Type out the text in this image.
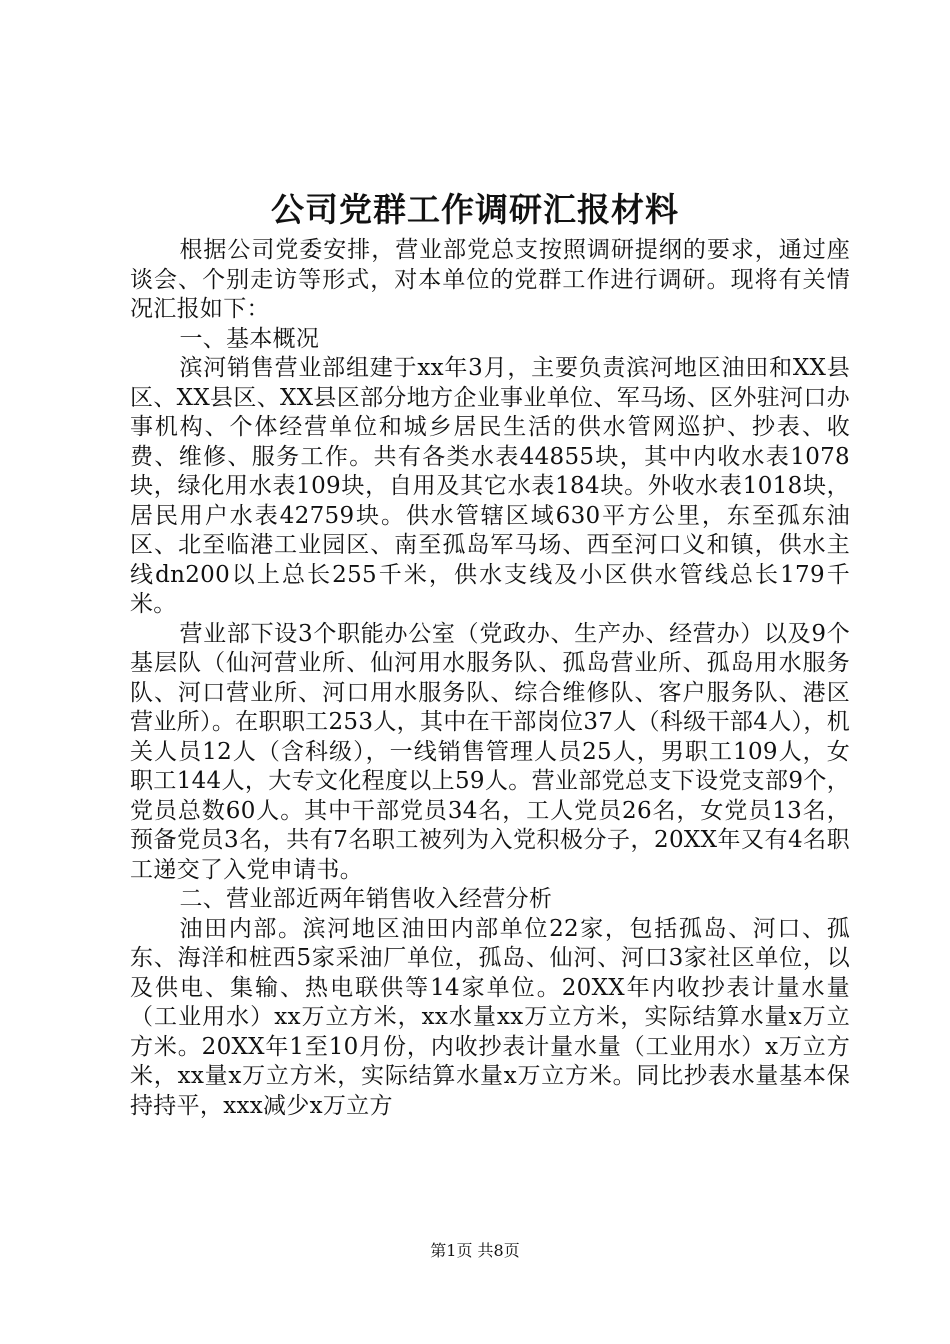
公司党群工作调研汇报材料

根据公司党委安排，营业部党总支按照调研提纲的要求，通过座谈会、个别走访等形式，对本单位的党群工作进行调研。现将有关情况汇报如下：

一、基本概况

滨河销售营业部组建于xx年3月，主要负责滨河地区油田和XX县区、XX县区、XX县区部分地方企业事业单位、军马场、区外驻河口办事机构、个体经营单位和城乡居民生活的供水管网巡护、抄表、收费、维修、服务工作。共有各类水表44855块，其中内收水表1078块，绿化用水表109块，自用及其它水表184块。外收水表1018块，居民用户水表42759块。供水管辖区域630平方公里，东至孤东油区、北至临港工业园区、南至孤岛军马场、西至河口义和镇，供水主线dn200以上总长255千米，供水支线及小区供水管线总长179千米。

营业部下设3个职能办公室（党政办、生产办、经营办）以及9个基层队（仙河营业所、仙河用水服务队、孤岛营业所、孤岛用水服务队、河口营业所、河口用水服务队、综合维修队、客户服务队、港区营业所）。在职职工253人，其中在干部岗位37人（科级干部4人），机关人员12人（含科级），一线销售管理人员25人，男职工109人，女职工144人，大专文化程度以上59人。营业部党总支下设党支部9个，党员总数60人。其中干部党员34名，工人党员26名，女党员13名，预备党员3名，共有7名职工被列为入党积极分子，20XX年又有4名职工递交了入党申请书。

二、营业部近两年销售收入经营分析

油田内部。滨河地区油田内部单位22家，包括孤岛、河口、孤东、海洋和桩西5家采油厂单位，孤岛、仙河、河口3家社区单位，以及供电、集输、热电联供等14家单位。20XX年内收抄表计量水量（工业用水）xx万立方米，xx水量xx万立方米，实际结算水量x万立方米。20XX年1至10月份，内收抄表计量水量（工业用水）x万立方米，xx量x万立方米，实际结算水量x万立方米。同比抄表水量基本保持持平，xxx减少x万立方

第1页 共8页
